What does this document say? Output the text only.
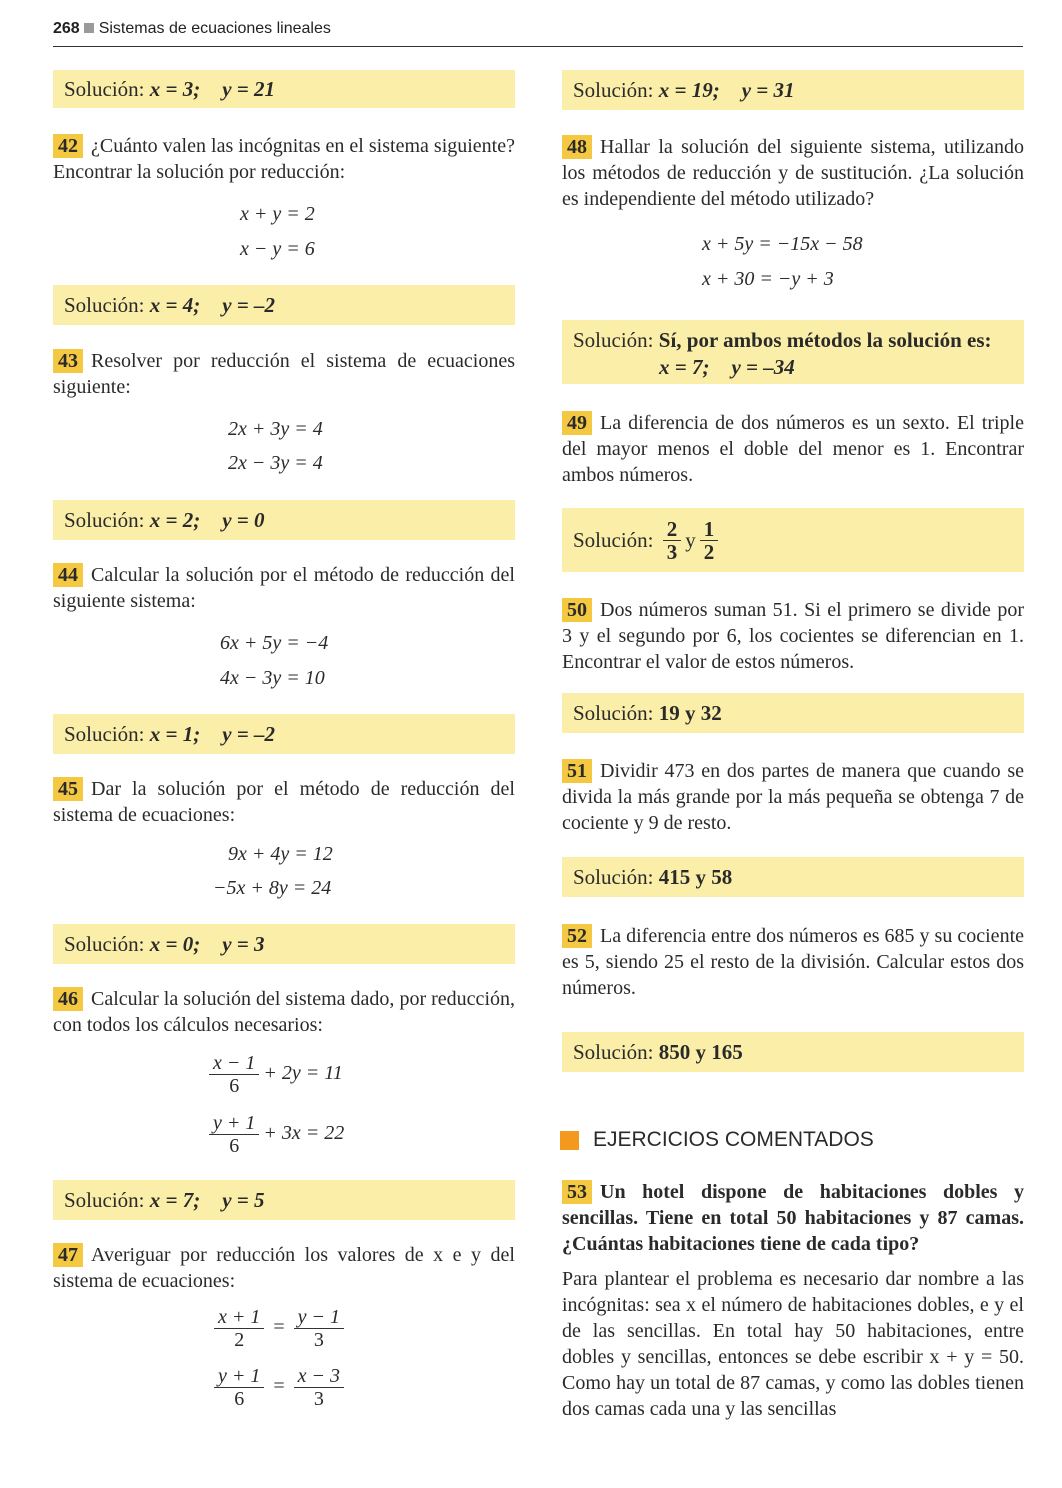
268 Sistemas de ecuaciones lineales
Solución:
x = 3; y = 21
42 ¿Cuánto valen las incógnitas en el sistema siguiente? Encontrar la solución por reducción:
x + y = 2
x − y = 6
Solución:
x = 4; y = –2
43 Resolver por reducción el sistema de ecuaciones siguiente:
2x + 3y = 4
2x − 3y = 4
Solución:
x = 2; y = 0
44 Calcular la solución por el método de reducción del siguiente sistema:
6x + 5y = −4
4x − 3y = 10
Solución:
x = 1; y = –2
45 Dar la solución por el método de reducción del sistema de ecuaciones:
9x + 4y = 12
−5x + 8y = 24
Solución:
x = 0; y = 3
46 Calcular la solución del sistema dado, por reducción, con todos los cálculos necesarios:
$\frac{x - 1}{6} + 2y = 11$
$\frac{y + 1}{6} + 3x = 22$
Solución:
x = 7; y = 5
47 Averiguar por reducción los valores de x e y del sistema de ecuaciones:
$\frac{x + 1}{2} = \frac{y - 1}{3}$
$\frac{y + 1}{6} = \frac{x - 3}{3}$
Solución:
x = 19; y = 31
48 Hallar la solución del siguiente sistema, utilizando los métodos de reducción y de sustitución. ¿La solución es independiente del método utilizado?
x + 5y = −15x − 58
x + 30 = −y + 3
Solución: Sí, por ambos métodos la solución es:
x = 7; y = –34
49 La diferencia de dos números es un sexto. El triple del mayor menos el doble del menor es 1. Encontrar ambos números.
Solución:
$\frac{2}{3}$ y $\frac{1}{2}$
50 Dos números suman 51. Si el primero se divide por 3 y el segundo por 6, los cocientes se diferencian en 1. Encontrar el valor de estos números.
Solución:
19 y 32
51 Dividir 473 en dos partes de manera que cuando se divida la más grande por la más pequeña se obtenga 7 de cociente y 9 de resto.
Solución:
415 y 58
52 La diferencia entre dos números es 685 y su cociente es 5, siendo 25 el resto de la división. Calcular estos dos números.
Solución:
850 y 165
EJERCICIOS COMENTADOS
53 Un hotel dispone de habitaciones dobles y sencillas. Tiene en total 50 habitaciones y 87 camas. ¿Cuántas habitaciones tiene de cada tipo?
Para plantear el problema es necesario dar nombre a las incógnitas: sea x el número de habitaciones dobles, e y el de las sencillas. En total hay 50 habitaciones, entre dobles y sencillas, entonces se debe escribir x + y = 50. Como hay un total de 87 camas, y como las dobles tienen dos camas cada una y las sencillas
